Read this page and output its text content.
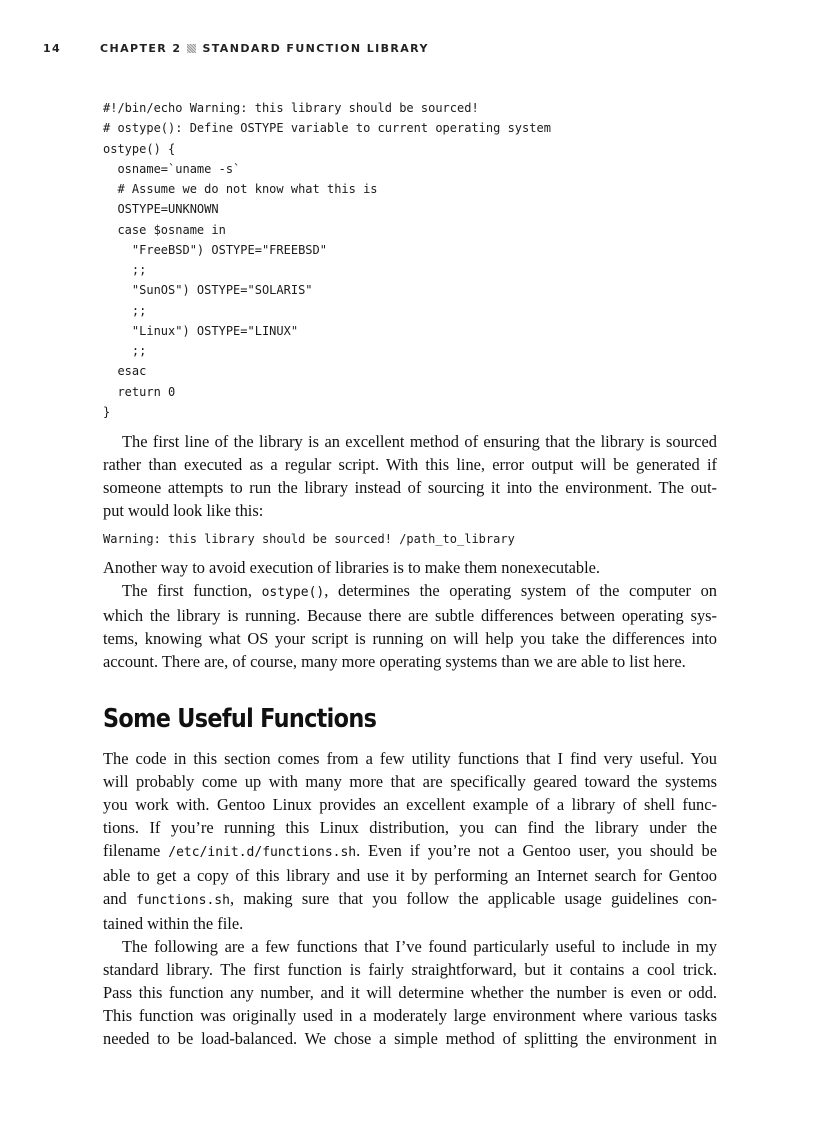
14	CHAPTER 2 STANDARD FUNCTION LIBRARY
#!/bin/echo Warning: this library should be sourced!
# ostype(): Define OSTYPE variable to current operating system
ostype() {
osname=`uname -s`
# Assume we do not know what this is
OSTYPE=UNKNOWN
case $osname in
"FreeBSD") OSTYPE="FREEBSD"
;;
"SunOS") OSTYPE="SOLARIS"
;;
"Linux") OSTYPE="LINUX"
;;
esac
return 0
}

The first line of the library is an excellent method of ensuring that the library is sourced
rather than executed as a regular script. With this line, error output will be generated if
someone attempts to run the library instead of sourcing it into the environment. The out-
put would look like this:

Warning: this library should be sourced! /path_to_library

Another way to avoid execution of libraries is to make them nonexecutable.

The first function, ostype(), determines the operating system of the computer on
which the library is running. Because there are subtle differences between operating sys-
tems, knowing what OS your script is running on will help you take the differences into
account. There are, of course, many more operating systems than we are able to list here.

Some Useful Functions

The code in this section comes from a few utility functions that I find very useful. You
will probably come up with many more that are specifically geared toward the systems
you work with. Gentoo Linux provides an excellent example of a library of shell func-
tions. If you’re running this Linux distribution, you can find the library under the
filename /etc/init.d/functions.sh. Even if you’re not a Gentoo user, you should be
able to get a copy of this library and use it by performing an Internet search for Gentoo
and functions.sh, making sure that you follow the applicable usage guidelines con-
tained within the file.

The following are a few functions that I’ve found particularly useful to include in my
standard library. The first function is fairly straightforward, but it contains a cool trick.
Pass this function any number, and it will determine whether the number is even or odd.
This function was originally used in a moderately large environment where various tasks
needed to be load-balanced. We chose a simple method of splitting the environment in
